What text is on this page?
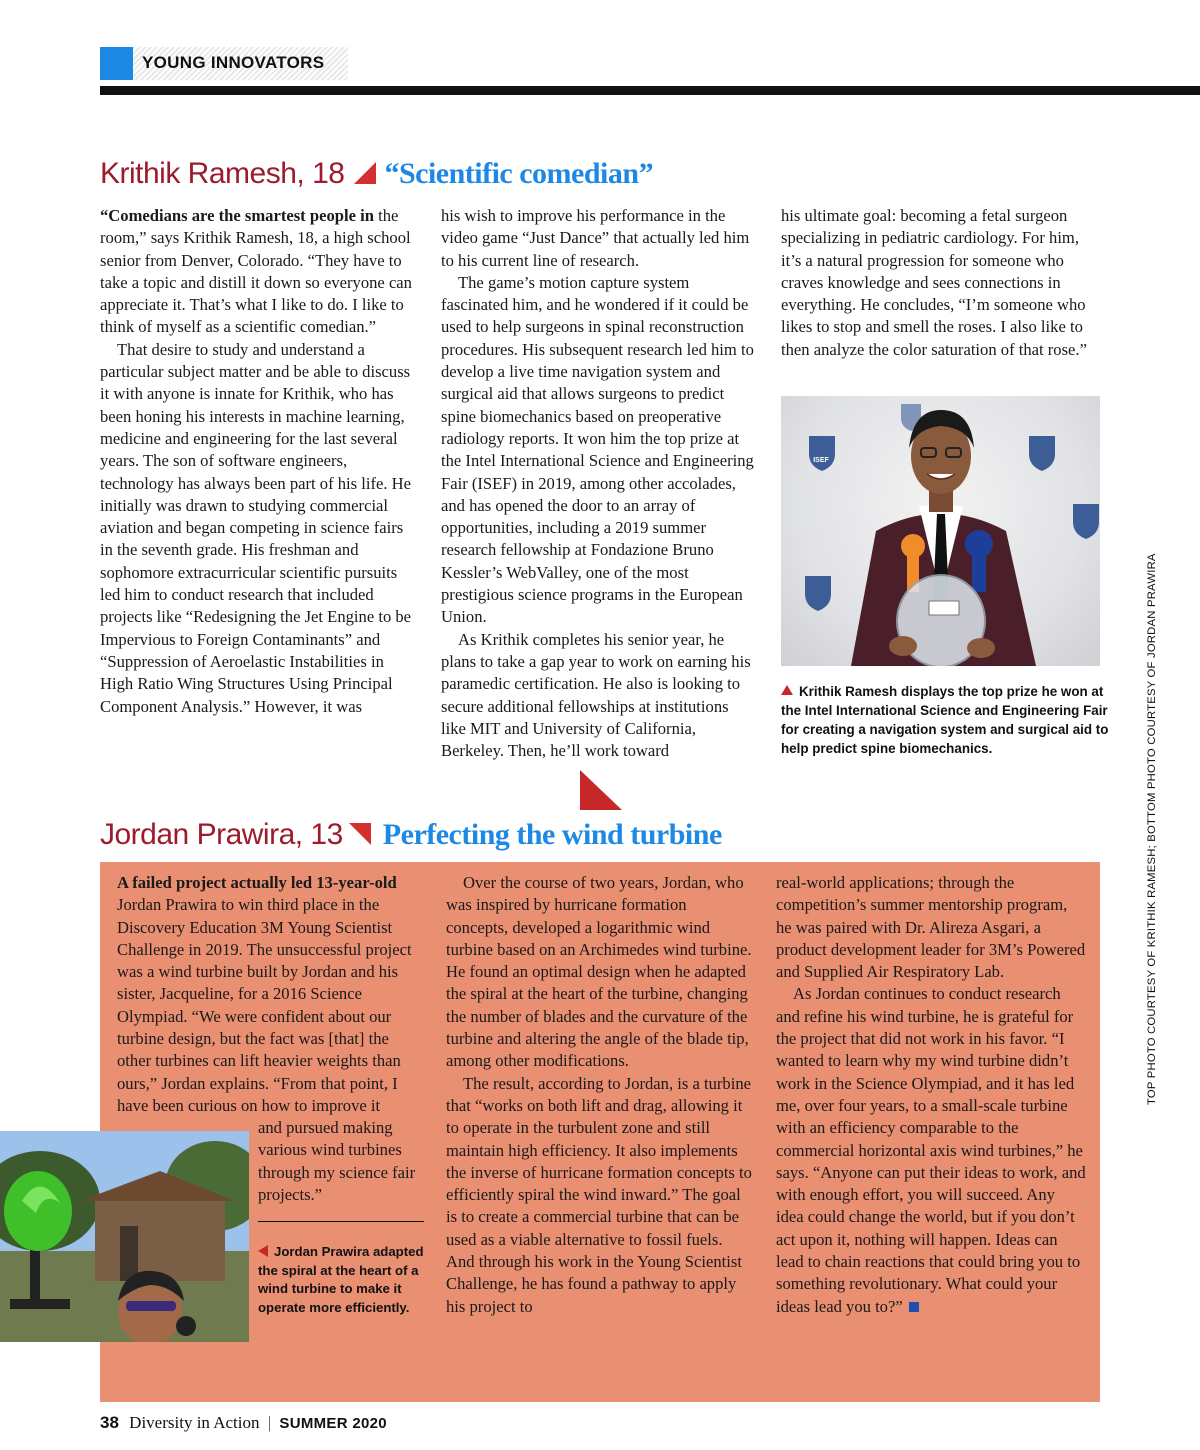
YOUNG INNOVATORS
Krithik Ramesh, 18 “Scientific comedian”

“Comedians are the smartest people in the room,” says Krithik Ramesh, 18, a high school senior from Denver, Colorado. “They have to take a topic and distill it down so everyone can appreciate it. That’s what I like to do. I like to think of myself as a scientific comedian.”

That desire to study and understand a particular subject matter and be able to discuss it with anyone is innate for Krithik, who has been honing his interests in machine learning, medicine and engineering for the last several years. The son of software engineers, technology has always been part of his life. He initially was drawn to studying commercial aviation and began competing in science fairs in the seventh grade. His freshman and sophomore extracurricular scientific pursuits led him to conduct research that included projects like “Redesigning the Jet Engine to be Impervious to Foreign Contaminants” and “Suppression of Aeroelastic Instabilities in High Ratio Wing Structures Using Principal Component Analysis.” However, it was

his wish to improve his performance in the video game “Just Dance” that actually led him to his current line of research.

The game’s motion capture system fascinated him, and he wondered if it could be used to help surgeons in spinal reconstruction procedures. His subsequent research led him to develop a live time navigation system and surgical aid that allows surgeons to predict spine biomechanics based on preoperative radiology reports. It won him the top prize at the Intel International Science and Engineering Fair (ISEF) in 2019, among other accolades, and has opened the door to an array of opportunities, including a 2019 summer research fellowship at Fondazione Bruno Kessler’s WebValley, one of the most prestigious science programs in the European Union.

As Krithik completes his senior year, he plans to take a gap year to work on earning his paramedic certification. He also is looking to secure additional fellowships at institutions like MIT and University of California, Berkeley. Then, he’ll work toward

his ultimate goal: becoming a fetal surgeon specializing in pediatric cardiology. For him, it’s a natural progression for someone who craves knowledge and sees connections in everything. He concludes, “I’m someone who likes to stop and smell the roses. I also like to then analyze the color saturation of that rose.”

ISEF
Krithik Ramesh displays the top prize he won at the Intel International Science and Engineering Fair for creating a navigation system and surgical aid to help predict spine biomechanics.
Jordan Prawira, 13 Perfecting the wind turbine

A failed project actually led 13-year-old Jordan Prawira to win third place in the Discovery Education 3M Young Scientist Challenge in 2019. The unsuccessful project was a wind turbine built by Jordan and his sister, Jacqueline, for a 2016 Science Olympiad. “We were confident about our turbine design, but the fact was [that] the other turbines can lift heavier weights than ours,” Jordan explains. “From that point, I have been curious on how to improve it

and pursued making various wind turbines through my science fair projects.”

Jordan Prawira adapted the spiral at the heart of a wind turbine to make it operate more efficiently.

Over the course of two years, Jordan, who was inspired by hurricane formation concepts, developed a logarithmic wind turbine based on an Archimedes wind turbine. He found an optimal design when he adapted the spiral at the heart of the turbine, changing the number of blades and the curvature of the turbine and altering the angle of the blade tip, among other modifications.

The result, according to Jordan, is a turbine that “works on both lift and drag, allowing it to operate in the turbulent zone and still maintain high efficiency. It also implements the inverse of hurricane formation concepts to efficiently spiral the wind inward.” The goal is to create a commercial turbine that can be used as a viable alternative to fossil fuels. And through his work in the Young Scientist Challenge, he has found a pathway to apply his project to

real-world applications; through the competition’s summer mentorship program, he was paired with Dr. Alireza Asgari, a product development leader for 3M’s Powered and Supplied Air Respiratory Lab.

As Jordan continues to conduct research and refine his wind turbine, he is grateful for the project that did not work in his favor. “I wanted to learn why my wind turbine didn’t work in the Science Olympiad, and it has led me, over four years, to a small-scale turbine with an efficiency comparable to the commercial horizontal axis wind turbines,” he says. “Anyone can put their ideas to work, and with enough effort, you will succeed. Any idea could change the world, but if you don’t act upon it, nothing will happen. Ideas can lead to chain reactions that could bring you to something revolutionary. What could your ideas lead you to?”

38 Diversity in Action | SUMMER 2020
TOP PHOTO COURTESY OF KRITHIK RAMESH; BOTTOM PHOTO COURTESY OF JORDAN PRAWIRA
